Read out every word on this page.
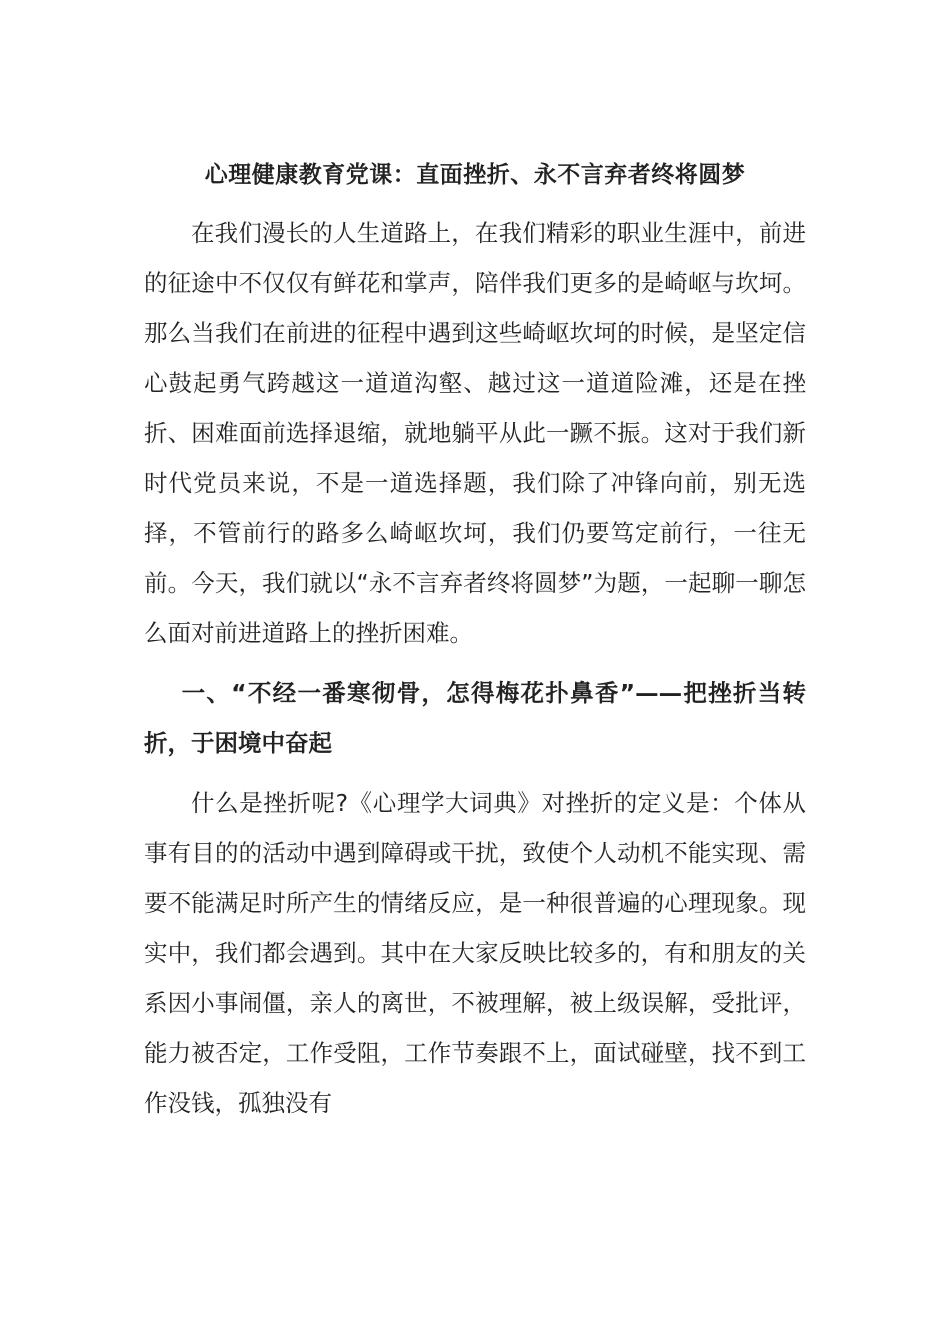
心理健康教育党课：直面挫折、永不言弃者终将圆梦

在我们漫长的人生道路上，在我们精彩的职业生涯中，前进的征途中不仅仅有鲜花和掌声，陪伴我们更多的是崎岖与坎坷。那么当我们在前进的征程中遇到这些崎岖坎坷的时候，是坚定信心鼓起勇气跨越这一道道沟壑、越过这一道道险滩，还是在挫折、困难面前选择退缩，就地躺平从此一蹶不振。这对于我们新时代党员来说，不是一道选择题，我们除了冲锋向前，别无选择，不管前行的路多么崎岖坎坷，我们仍要笃定前行，一往无前。今天，我们就以“永不言弃者终将圆梦”为题，一起聊一聊怎么面对前进道路上的挫折困难。

一、“不经一番寒彻骨，怎得梅花扑鼻香”——把挫折当转折，于困境中奋起

什么是挫折呢?《心理学大词典》对挫折的定义是：个体从事有目的的活动中遇到障碍或干扰，致使个人动机不能实现、需要不能满足时所产生的情绪反应，是一种很普遍的心理现象。现实中，我们都会遇到。其中在大家反映比较多的，有和朋友的关系因小事闹僵，亲人的离世，不被理解，被上级误解，受批评，能力被否定，工作受阻，工作节奏跟不上，面试碰壁，找不到工作没钱，孤独没有
